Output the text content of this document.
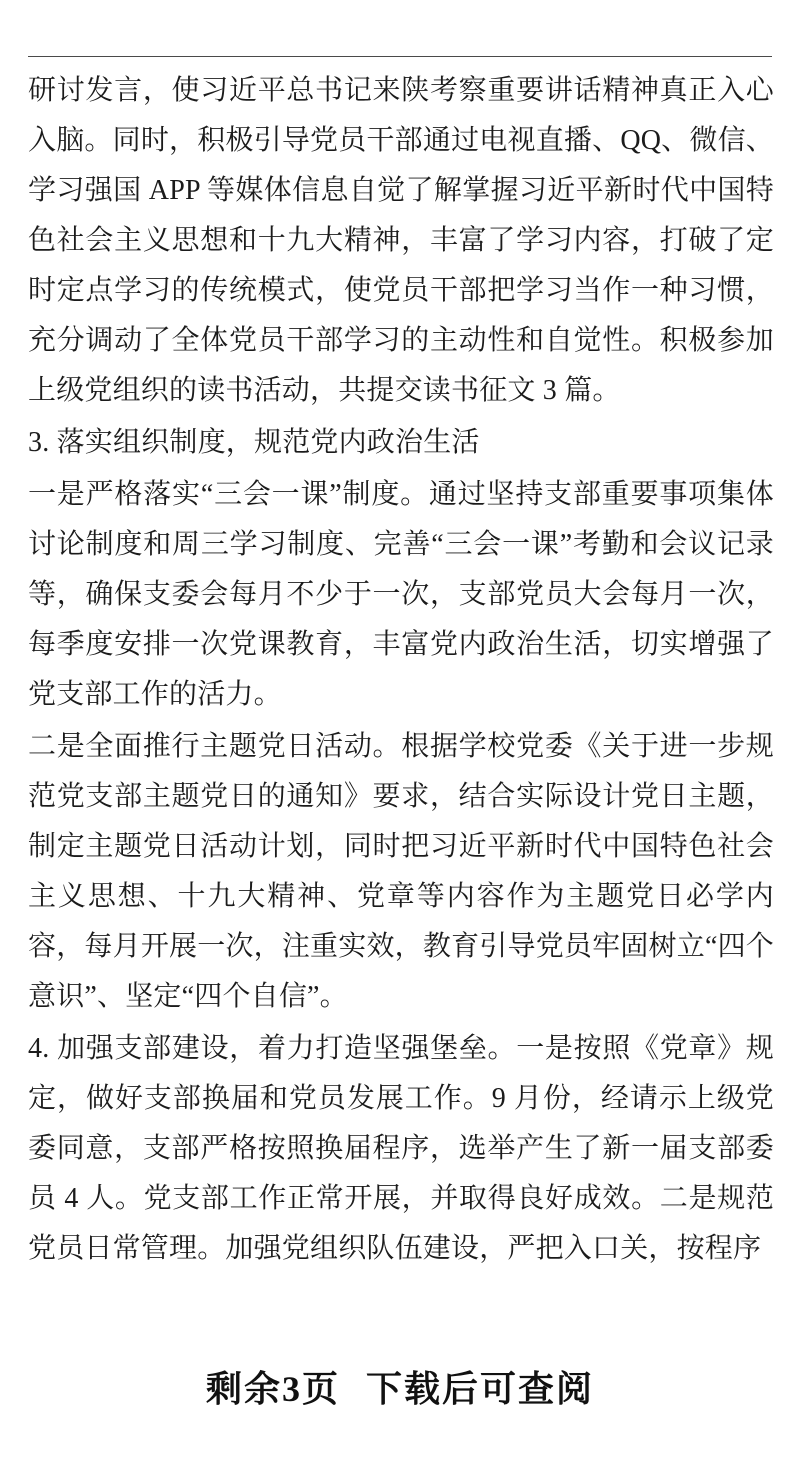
研讨发言，使习近平总书记来陕考察重要讲话精神真正入心入脑。同时，积极引导党员干部通过电视直播、QQ、微信、学习强国 APP 等媒体信息自觉了解掌握习近平新时代中国特色社会主义思想和十九大精神，丰富了学习内容，打破了定时定点学习的传统模式，使党员干部把学习当作一种习惯，充分调动了全体党员干部学习的主动性和自觉性。积极参加上级党组织的读书活动，共提交读书征文 3 篇。

3. 落实组织制度，规范党内政治生活

一是严格落实“三会一课”制度。通过坚持支部重要事项集体讨论制度和周三学习制度、完善“三会一课”考勤和会议记录等，确保支委会每月不少于一次，支部党员大会每月一次，每季度安排一次党课教育，丰富党内政治生活，切实增强了党支部工作的活力。

二是全面推行主题党日活动。根据学校党委《关于进一步规范党支部主题党日的通知》要求，结合实际设计党日主题，制定主题党日活动计划，同时把习近平新时代中国特色社会主义思想、十九大精神、党章等内容作为主题党日必学内容，每月开展一次，注重实效，教育引导党员牢固树立“四个意识”、坚定“四个自信”。

4. 加强支部建设，着力打造坚强堡垒。一是按照《党章》规定，做好支部换届和党员发展工作。9 月份，经请示上级党委同意，支部严格按照换届程序，选举产生了新一届支部委员 4 人。党支部工作正常开展，并取得良好成效。二是规范党员日常管理。加强党组织队伍建设，严把入口关，按程序

剩余3页 下载后可查阅
